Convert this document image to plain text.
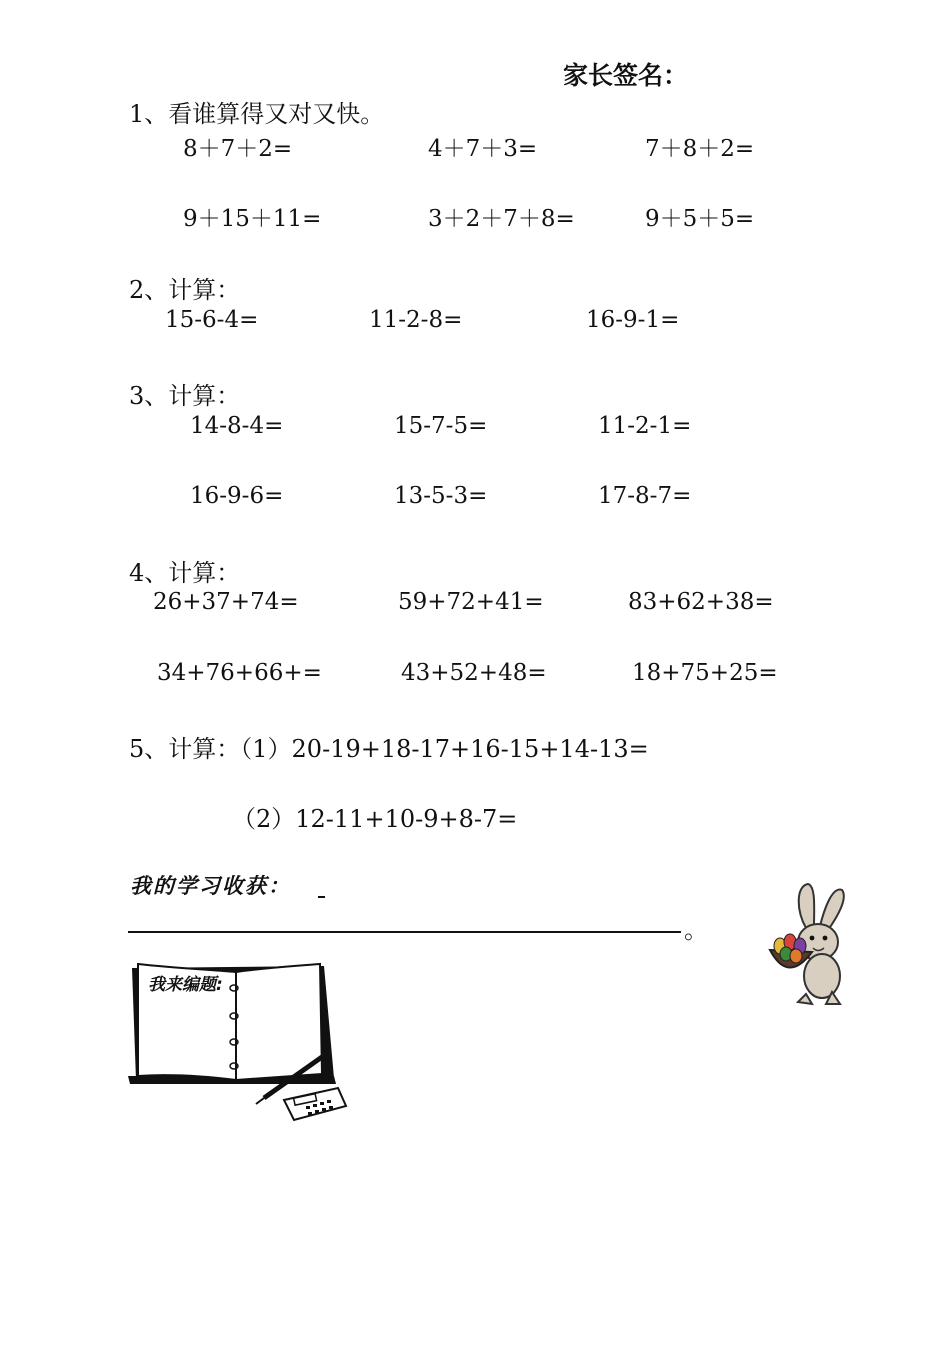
家长签名：
1、看谁算得又对又快。
8＋7＋2=	4＋7＋3=	7＋8＋2=
9＋15＋11=	3＋2＋7＋8=	9＋5＋5=
2、计算：
15-6-4=	11-2-8=	16-9-1=
3、计算：
14-8-4=	15-7-5=	11-2-1=
16-9-6=	13-5-3=	17-8-7=
4、计算：
26+37+74=	59+72+41=	83+62+38=
34+76+66+=	43+52+48=	18+75+25=
5、计算：（1）20-19+18-17+16-15+14-13=
（2）12-11+10-9+8-7=
我的学习收获：
。
我来编题:
